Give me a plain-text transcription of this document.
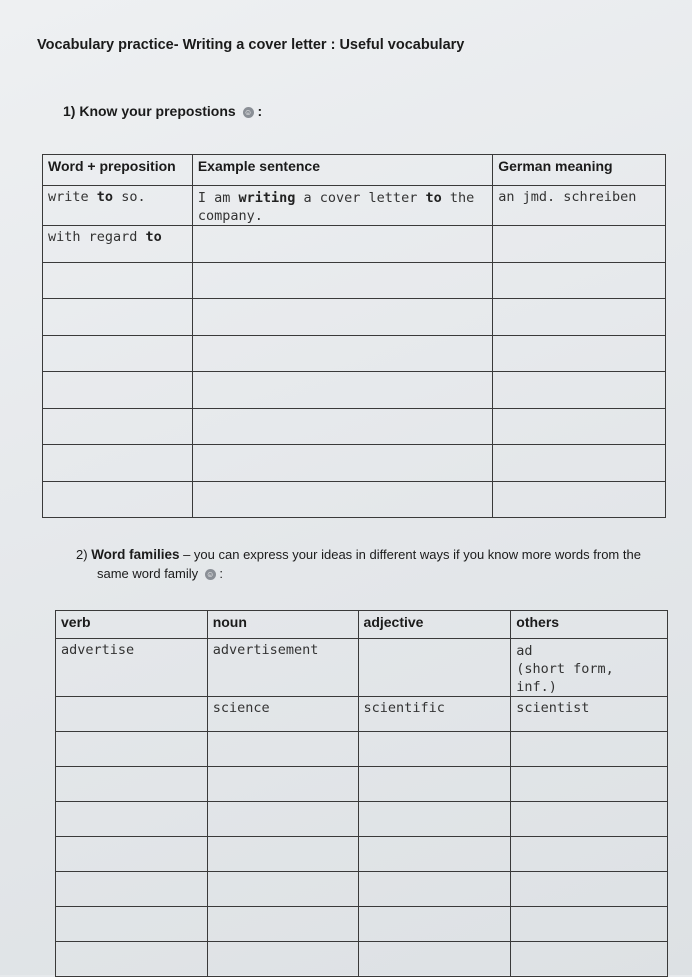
Vocabulary practice- Writing a cover letter : Useful vocabulary
1) Know your prepostions ☺ :
Word + preposition	Example sentence	German meaning
write to so.	I am writing a cover letter to the company.	an jmd. schreiben
with regard to		

2) Word families – you can express your ideas in different ways if you know more words from the
same word family ☺ :
verb	noun	adjective	others
advertise	advertisement		ad
(short form, inf.)
	science	scientific	scientist
